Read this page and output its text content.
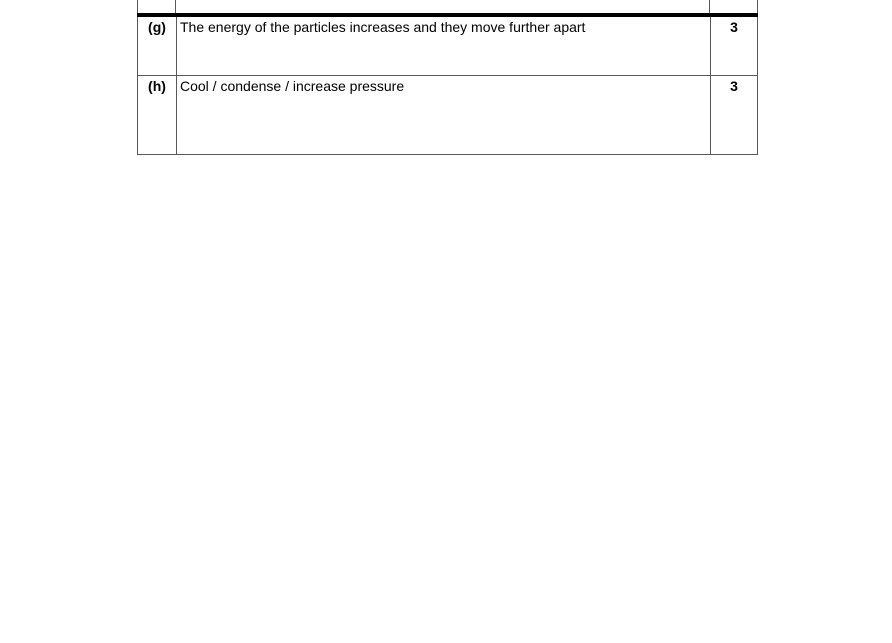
(g)	The energy of the particles increases and they move further apart	3
(h)	Cool / condense / increase pressure	3
